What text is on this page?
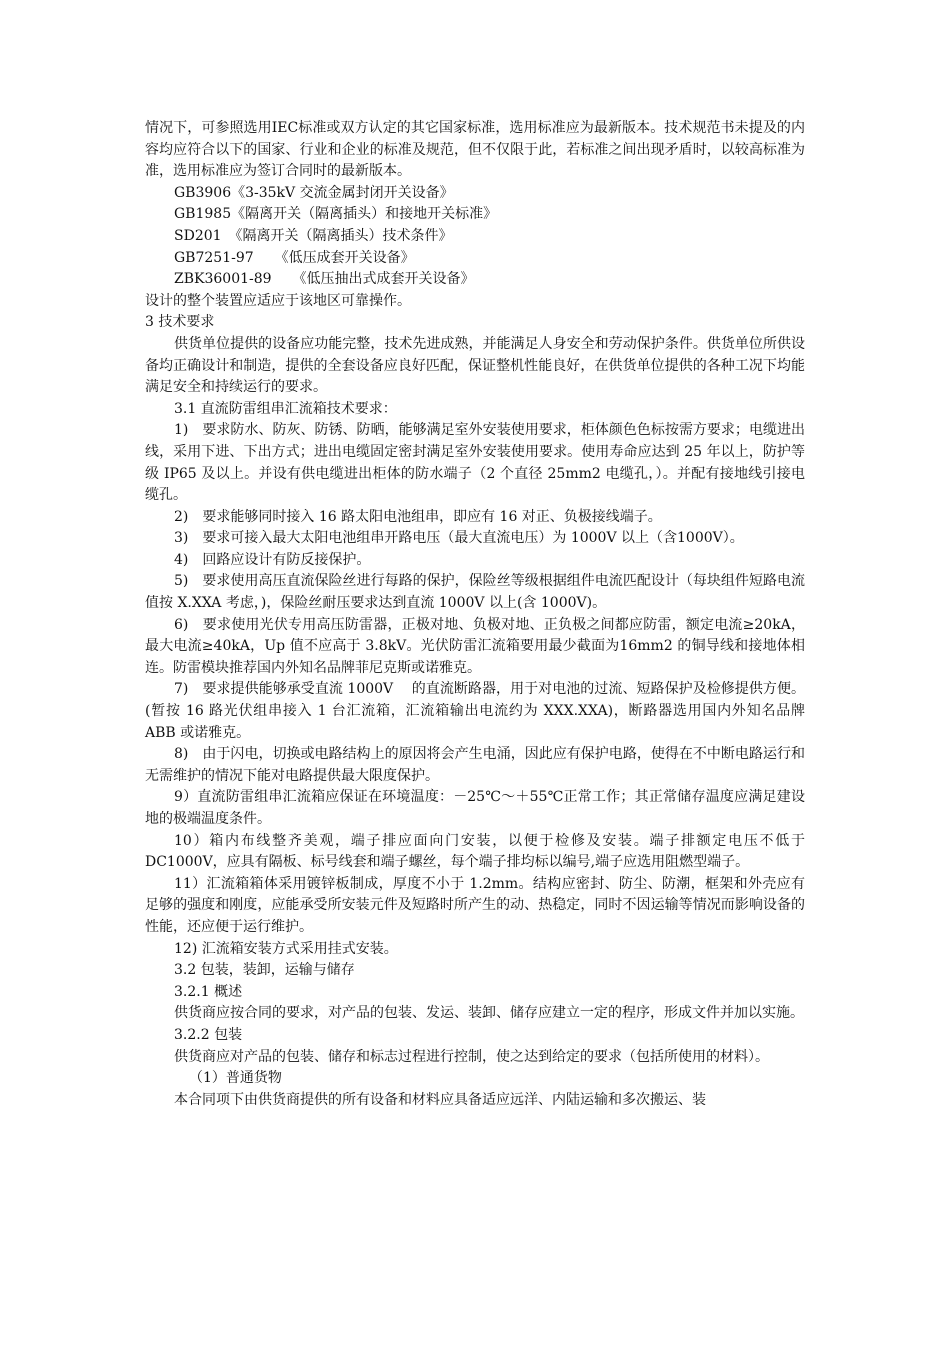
情况下，可参照选用IEC标准或双方认定的其它国家标准，选用标准应为最新版本。技术规范书未提及的内容均应符合以下的国家、行业和企业的标准及规范，但不仅限于此，若标准之间出现矛盾时，以较高标准为准，选用标准应为签订合同时的最新版本。

GB3906《3-35kV 交流金属封闭开关设备》

GB1985《隔离开关（隔离插头）和接地开关标准》

SD201　《隔离开关（隔离插头）技术条件》

GB7251-97　　《低压成套开关设备》

ZBK36001-89　　《低压抽出式成套开关设备》

设计的整个装置应适应于该地区可靠操作。

3 技术要求

供货单位提供的设备应功能完整，技术先进成熟，并能满足人身安全和劳动保护条件。供货单位所供设备均正确设计和制造，提供的全套设备应良好匹配，保证整机性能良好，在供货单位提供的各种工况下均能满足安全和持续运行的要求。

3.1 直流防雷组串汇流箱技术要求：

1)　要求防水、防灰、防锈、防晒，能够满足室外安装使用要求，柜体颜色色标按需方要求；电缆进出线，采用下进、下出方式；进出电缆固定密封满足室外安装使用要求。使用寿命应达到 25 年以上，防护等级 IP65 及以上。并设有供电缆进出柜体的防水端子（2 个直径 25mm2 电缆孔，）。并配有接地线引接电缆孔。

2)　要求能够同时接入 16 路太阳电池组串，即应有 16 对正、负极接线端子。

3)　要求可接入最大太阳电池组串开路电压（最大直流电压）为 1000V 以上（含1000V）。

4)　回路应设计有防反接保护。

5)　要求使用高压直流保险丝进行每路的保护，保险丝等级根据组件电流匹配设计（每块组件短路电流值按 X.XXA 考虑，)，保险丝耐压要求达到直流 1000V 以上(含 1000V)。

6)　要求使用光伏专用高压防雷器，正极对地、负极对地、正负极之间都应防雷，额定电流≥20kA，最大电流≥40kA，Up 值不应高于 3.8kV。光伏防雷汇流箱要用最少截面为16mm2 的铜导线和接地体相连。防雷模块推荐国内外知名品牌菲尼克斯或诺雅克。

7)　要求提供能够承受直流 1000V　 的直流断路器，用于对电池的过流、短路保护及检修提供方便。(暂按 16 路光伏组串接入 1 台汇流箱，汇流箱输出电流约为 XXX.XXA)，断路器选用国内外知名品牌 ABB 或诺雅克。

8)　由于闪电，切换或电路结构上的原因将会产生电涌，因此应有保护电路，使得在不中断电路运行和无需维护的情况下能对电路提供最大限度保护。

9）直流防雷组串汇流箱应保证在环境温度：－25℃～＋55℃正常工作；其正常储存温度应满足建设地的极端温度条件。

10）箱内布线整齐美观，端子排应面向门安装，以便于检修及安装。端子排额定电压不低于 DC1000V，应具有隔板、标号线套和端子螺丝，每个端子排均标以编号,端子应选用阻燃型端子。

11）汇流箱箱体采用镀锌板制成，厚度不小于 1.2mm。结构应密封、防尘、防潮，框架和外壳应有足够的强度和刚度，应能承受所安装元件及短路时所产生的动、热稳定，同时不因运输等情况而影响设备的性能，还应便于运行维护。

12) 汇流箱安装方式采用挂式安装。

3.2 包装，装卸，运输与储存

3.2.1 概述

供货商应按合同的要求，对产品的包装、发运、装卸、储存应建立一定的程序，形成文件并加以实施。

3.2.2 包装

供货商应对产品的包装、储存和标志过程进行控制，使之达到给定的要求（包括所使用的材料）。

（1）普通货物

本合同项下由供货商提供的所有设备和材料应具备适应远洋、内陆运输和多次搬运、装
